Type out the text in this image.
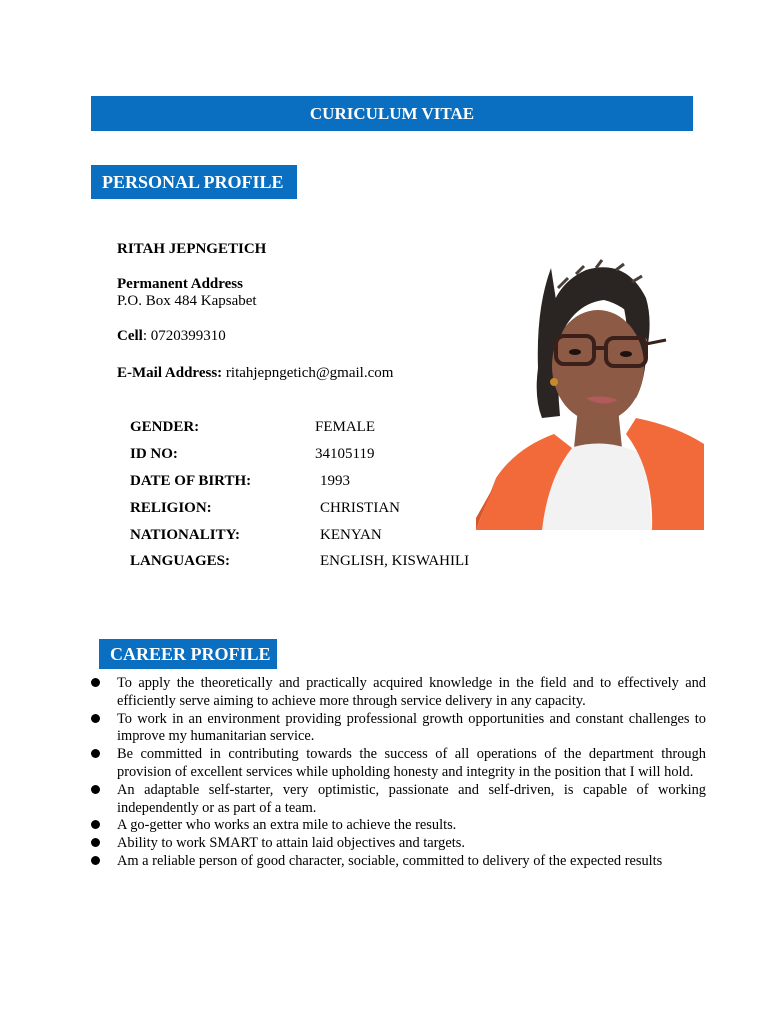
CURICULUM VITAE
PERSONAL PROFILE
RITAH JEPNGETICH
Permanent Address
P.O. Box 484 Kapsabet
Cell: 0720399310
E-Mail Address: ritahjepngetich@gmail.com
GENDER:	FEMALE
ID NO:	34105119
DATE OF BIRTH:	1993
RELIGION:	CHRISTIAN
NATIONALITY:	KENYAN
LANGUAGES:	ENGLISH, KISWAHILI
CAREER PROFILE
To apply the theoretically and practically acquired knowledge in the field and to effectively and efficiently serve aiming to achieve more through service delivery in any capacity.
To work in an environment providing professional growth opportunities and constant challenges to improve my humanitarian service.
Be committed in contributing towards the success of all operations of the department through provision of excellent services while upholding honesty and integrity in the position that I will hold.
An adaptable self-starter, very optimistic, passionate and self-driven, is capable of working independently or as part of a team.
A go-getter who works an extra mile to achieve the results.
Ability to work SMART to attain laid objectives and targets.
Am a reliable person of good character, sociable, committed to delivery of the expected results
